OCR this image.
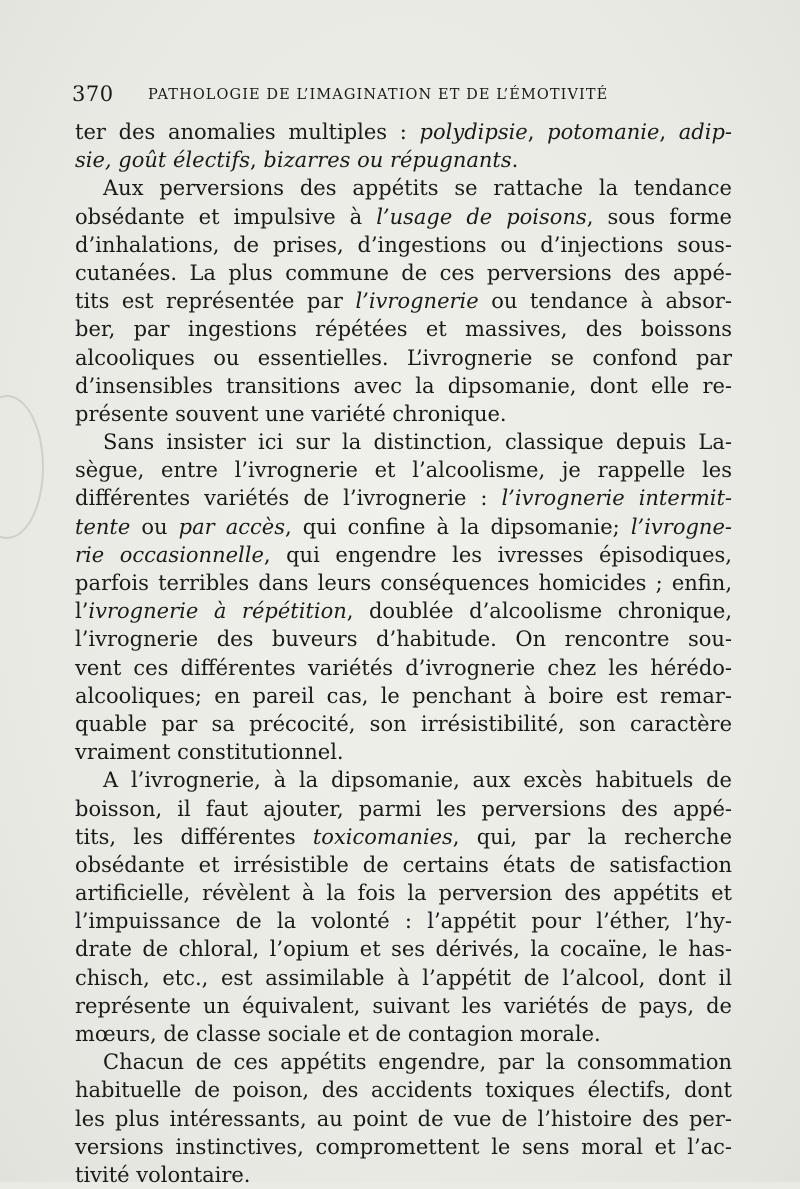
370 PATHOLOGIE DE L’IMAGINATION ET DE L’ÉMOTIVITÉ
ter des anomalies multiples : polydipsie, potomanie, adip-
sie, goût électifs, bizarres ou répugnants.
Aux perversions des appétits se rattache la tendance
obsédante et impulsive à l’usage de poisons, sous forme
d’inhalations, de prises, d’ingestions ou d’injections sous-
cutanées. La plus commune de ces perversions des appé-
tits est représentée par l’ivrognerie ou tendance à absor-
ber, par ingestions répétées et massives, des boissons
alcooliques ou essentielles. L’ivrognerie se confond par
d’insensibles transitions avec la dipsomanie, dont elle re-
présente souvent une variété chronique.
Sans insister ici sur la distinction, classique depuis La-
sègue, entre l’ivrognerie et l’alcoolisme, je rappelle les
différentes variétés de l’ivrognerie : l’ivrognerie intermit-
tente ou par accès, qui confine à la dipsomanie; l’ivrogne-
rie occasionnelle, qui engendre les ivresses épisodiques,
parfois terribles dans leurs conséquences homicides ; enfin,
l’ivrognerie à répétition, doublée d’alcoolisme chronique,
l’ivrognerie des buveurs d’habitude. On rencontre sou-
vent ces différentes variétés d’ivrognerie chez les hérédo-
alcooliques; en pareil cas, le penchant à boire est remar-
quable par sa précocité, son irrésistibilité, son caractère
vraiment constitutionnel.
A l’ivrognerie, à la dipsomanie, aux excès habituels de
boisson, il faut ajouter, parmi les perversions des appé-
tits, les différentes toxicomanies, qui, par la recherche
obsédante et irrésistible de certains états de satisfaction
artificielle, révèlent à la fois la perversion des appétits et
l’impuissance de la volonté : l’appétit pour l’éther, l’hy-
drate de chloral, l’opium et ses dérivés, la cocaïne, le has-
chisch, etc., est assimilable à l’appétit de l’alcool, dont il
représente un équivalent, suivant les variétés de pays, de
mœurs, de classe sociale et de contagion morale.
Chacun de ces appétits engendre, par la consommation
habituelle de poison, des accidents toxiques électifs, dont
les plus intéressants, au point de vue de l’histoire des per-
versions instinctives, compromettent le sens moral et l’ac-
tivité volontaire.
